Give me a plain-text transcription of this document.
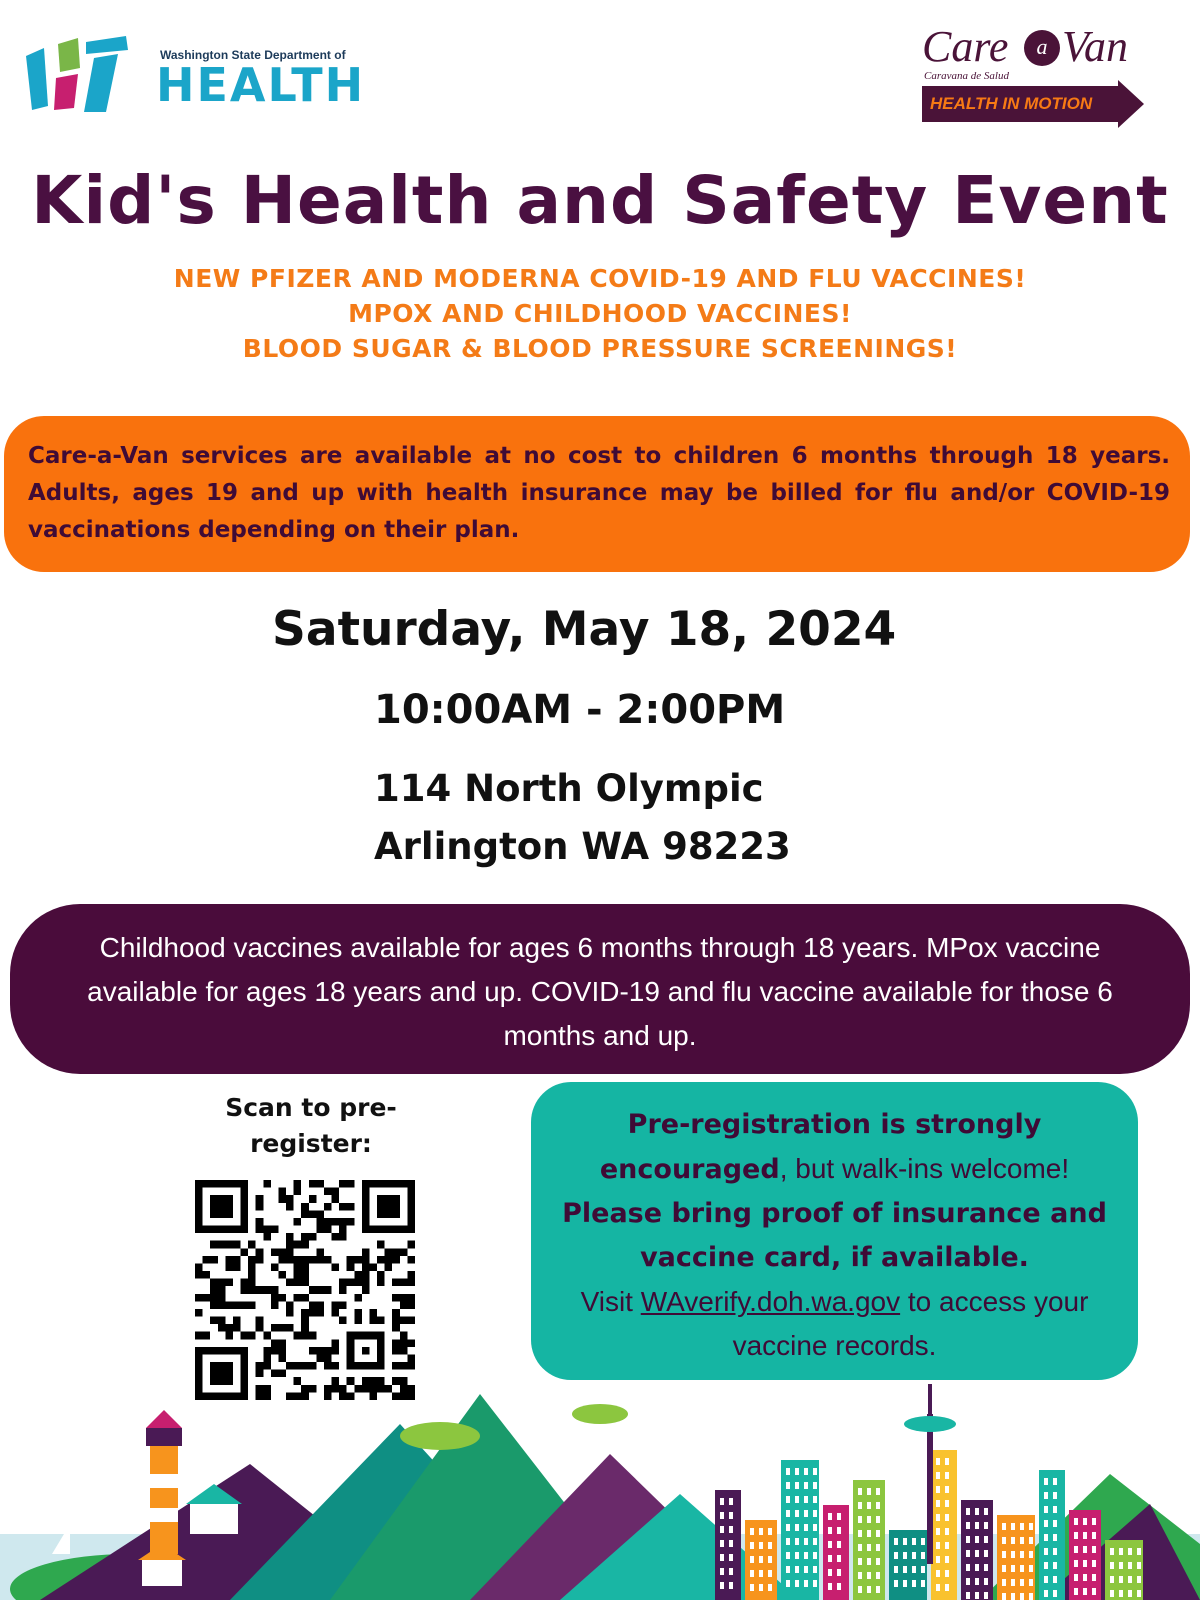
Washington State Department of
HEALTH
Care	a Van
Caravana de Salud
HEALTH IN MOTION
Kid's Health and Safety Event
NEW PFIZER AND MODERNA COVID-19 AND FLU VACCINES!
MPOX AND CHILDHOOD VACCINES!
BLOOD SUGAR & BLOOD PRESSURE SCREENINGS!

Care-a-Van services are available at no cost to children 6 months through 18 years. Adults, ages 19 and up with health insurance may be billed for flu and/or COVID-19 vaccinations depending on their plan.

Saturday, May 18, 2024
10:00AM - 2:00PM
114 North Olympic
Arlington WA 98223

Childhood vaccines available for ages 6 months through 18 years. MPox vaccine available for ages 18 years and up. COVID-19 and flu vaccine available for those 6 months and up.

Scan to pre-register:

Pre-registration is strongly encouraged, but walk-ins welcome!
Please bring proof of insurance and vaccine card, if available.
Visit WAverify.doh.wa.gov to access your vaccine records.
